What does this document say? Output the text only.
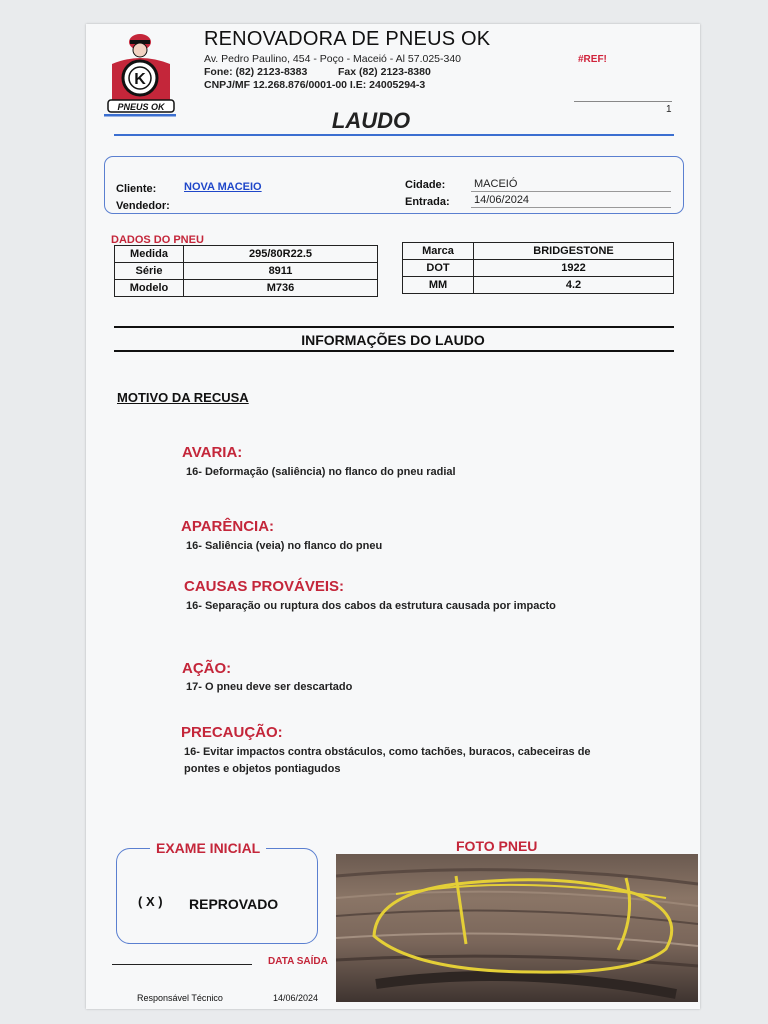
K
PNEUS OK
RENOVADORA DE PNEUS OK
Av. Pedro Paulino, 454 - Poço - Maceió - Al 57.025-340
Fone: (82) 2123-8383	Fax (82) 2123-8380
CNPJ/MF 12.268.876/0001-00 I.E: 24005294-3
#REF!
1
LAUDO
Cliente:	NOVA MACEIO
Vendedor:
Cidade:	MACEIÓ
Entrada: 14/06/2024
DADOS DO PNEU
Medida	295/80R22.5
Série	8911
Modelo	M736
Marca	BRIDGESTONE
DOT	1922
MM	4.2
INFORMAÇÕES DO LAUDO
MOTIVO DA RECUSA
AVARIA:
16- Deformação (saliência) no flanco do pneu radial
APARÊNCIA:
16- Saliência (veia) no flanco do pneu
CAUSAS PROVÁVEIS:
16- Separação ou ruptura dos cabos da estrutura causada por impacto
AÇÃO:
17- O pneu deve ser descartado
PRECAUÇÃO:
16- Evitar impactos contra obstáculos, como tachões, buracos, cabeceiras de
pontes e objetos pontiagudos
EXAME INICIAL
( X ) REPROVADO
FOTO PNEU
DATA SAÍDA
Responsável Técnico	14/06/2024
